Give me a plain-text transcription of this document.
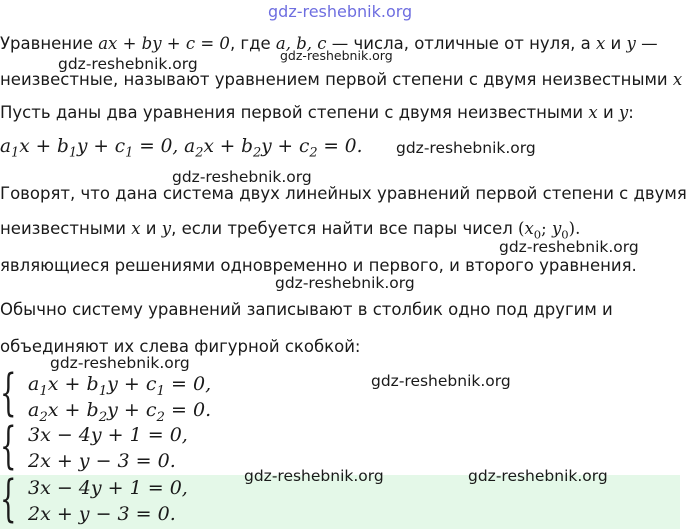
gdz-reshebnik.org
Уравнение ax + by + c = 0, где a, b, c — числа, отличные от нуля, а x и y —
gdz-reshebnik.org	gdz-reshebnik.org
неизвестные, называют уравнением первой степени с двумя неизвестными x
Пусть даны два уравнения первой степени с двумя неизвестными x и y:
$a_1x + b_1y + c_1 = 0$, $a_2x + b_2y + c_2 = 0$. gdz-reshebnik.org
gdz-reshebnik.org
Говорят, что дана система двух линейных уравнений первой степени с двумя
неизвестными x и y, если требуется найти все пары чисел ($x_0$; $y_0$).
gdz-reshebnik.org
являющиеся решениями одновременно и первого, и второго уравнения.
gdz-reshebnik.org
Обычно систему уравнений записывают в столбик одно под другим и
объединяют их слева фигурной скобкой:
gdz-reshebnik.org
{ $a_1x + b_1y + c_1 = 0$,
$a_2x + b_2y + c_2 = 0$.
gdz-reshebnik.org
{ 3x − 4y + 1 = 0,
2x + y − 3 = 0.
gdz-reshebnik.org	gdz-reshebnik.org
{ 3x − 4y + 1 = 0,
2x + y − 3 = 0.
